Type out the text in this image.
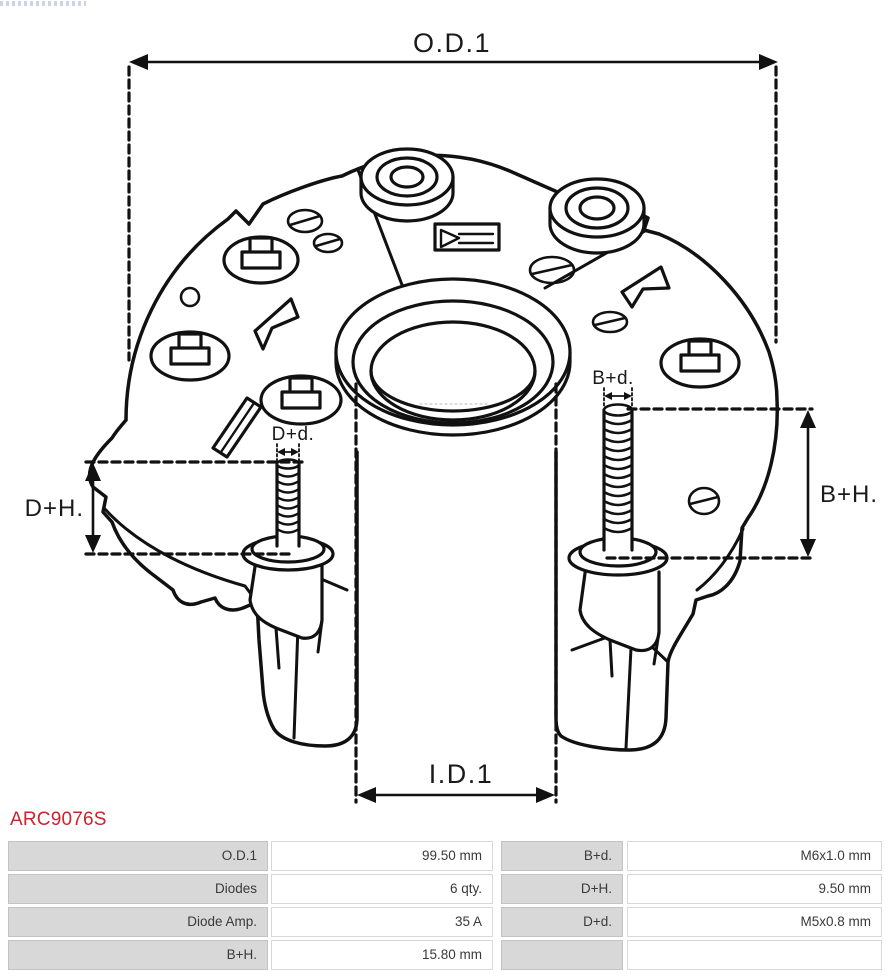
O.D.1
I.D.1
D+H.
B+H.
D+d.
B+d.
ARC9076S
O.D.1	99.50 mm	B+d.	M6x1.0 mm
Diodes	6 qty.	D+H.	9.50 mm
Diode Amp.	35 A	D+d.	M5x0.8 mm
B+H.	15.80 mm
